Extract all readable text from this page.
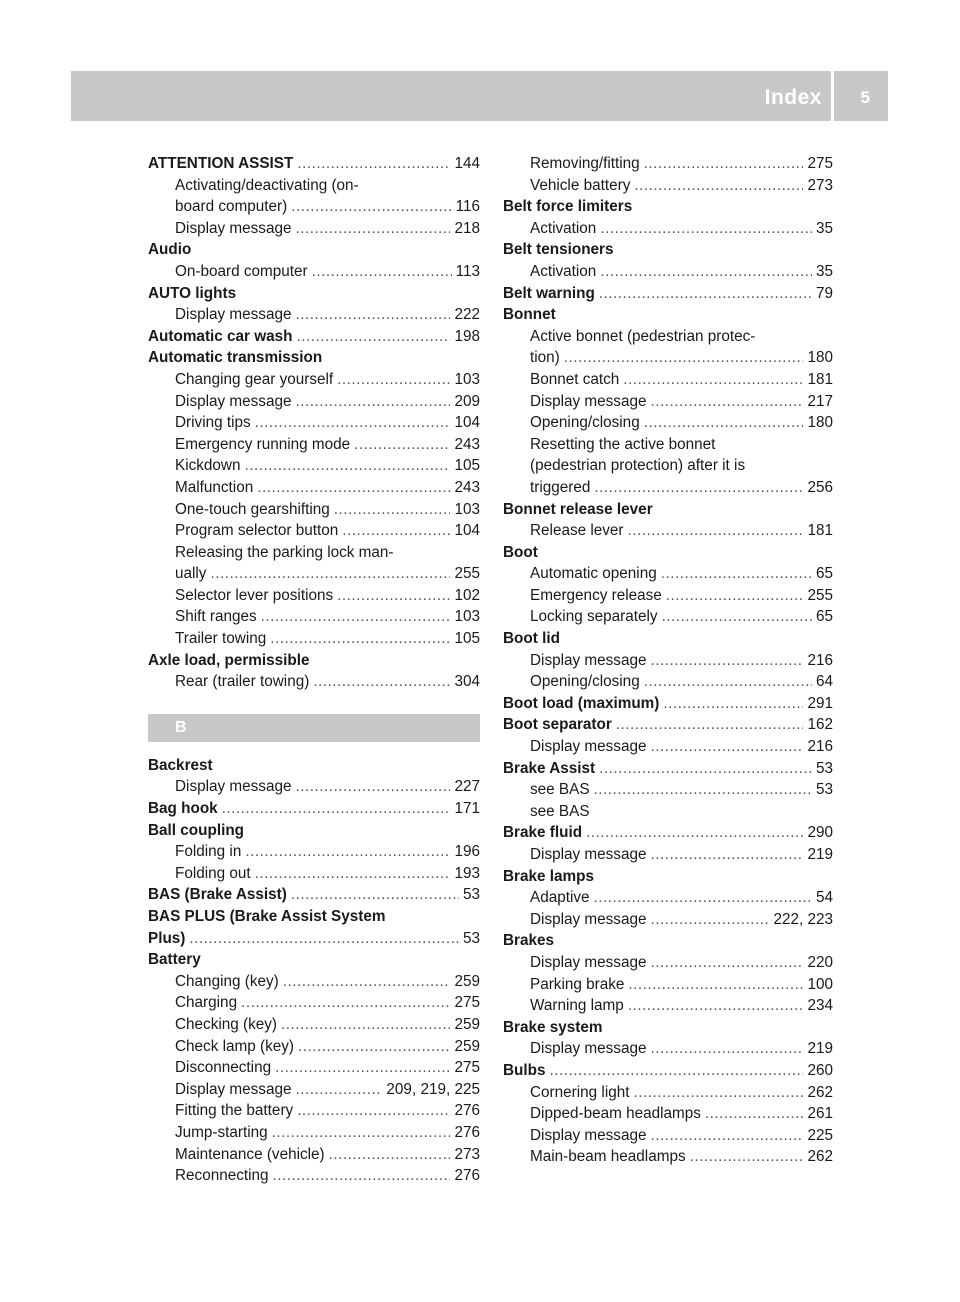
Index 5
ATTENTION ASSIST .....	144
Activating/deactivating (on-
board computer) .....	116
Display message .....	218
Audio
On-board computer .....	113
AUTO lights
Display message .....	222
Automatic car wash .....	198
Automatic transmission
Changing gear yourself .....	103
Display message .....	209
Driving tips .....	104
Emergency running mode .....	243
Kickdown .....	105
Malfunction .....	243
One-touch gearshifting .....	103
Program selector button .....	104
Releasing the parking lock man-
ually .....	255
Selector lever positions .....	102
Shift ranges .....	103
Trailer towing .....	105
Axle load, permissible
Rear (trailer towing) .....	304
B
Backrest
Display message .....	227
Bag hook .....	171
Ball coupling
Folding in .....	196
Folding out .....	193
BAS (Brake Assist) .....	53
BAS PLUS (Brake Assist System
Plus) .....	53
Battery
Changing (key) .....	259
Charging .....	275
Checking (key) .....	259
Check lamp (key) .....	259
Disconnecting .....	275
Display message .....	209, 219, 225
Fitting the battery .....	276
Jump-starting .....	276
Maintenance (vehicle) .....	273
Reconnecting .....	276
Removing/fitting .....	275
Vehicle battery .....	273
Belt force limiters
Activation .....	35
Belt tensioners
Activation .....	35
Belt warning .....	79
Bonnet
Active bonnet (pedestrian protec-
tion) .....	180
Bonnet catch .....	181
Display message .....	217
Opening/closing .....	180
Resetting the active bonnet
(pedestrian protection) after it is
triggered .....	256
Bonnet release lever
Release lever .....	181
Boot
Automatic opening .....	65
Emergency release .....	255
Locking separately .....	65
Boot lid
Display message .....	216
Opening/closing .....	64
Boot load (maximum) .....	291
Boot separator .....	162
Display message .....	216
Brake Assist .....	53
see BAS .....	53
see BAS
Brake fluid .....	290
Display message .....	219
Brake lamps
Adaptive .....	54
Display message .....	222, 223
Brakes
Display message .....	220
Parking brake .....	100
Warning lamp .....	234
Brake system
Display message .....	219
Bulbs .....	260
Cornering light .....	262
Dipped-beam headlamps .....	261
Display message .....	225
Main-beam headlamps .....	262
